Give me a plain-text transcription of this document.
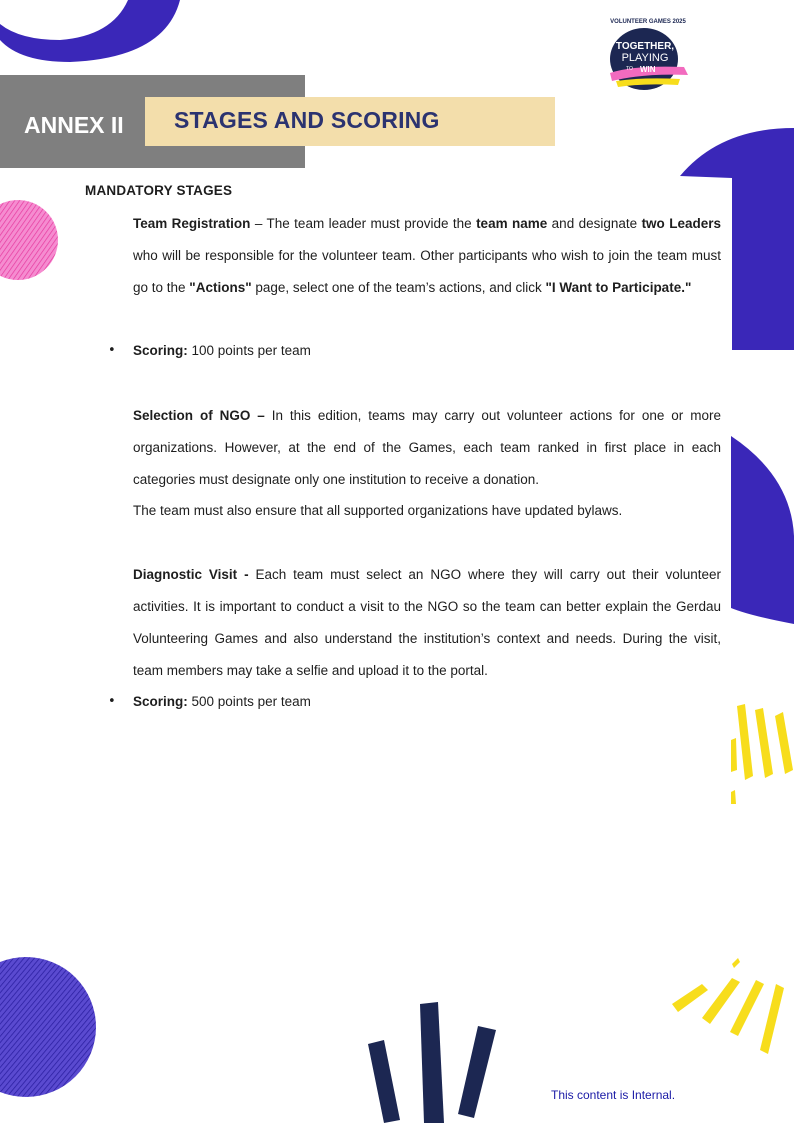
VOLUNTEER GAMES 2025
TOGETHER,
PLAYING
TO WIN
ANNEX II STAGES AND SCORING
MANDATORY STAGES
Team Registration – The team leader must provide the team name and designate two Leaders who will be responsible for the volunteer team. Other participants who wish to join the team must go to the "Actions" page, select one of the team’s actions, and click "I Want to Participate."
• Scoring: 100 points per team
Selection of NGO – In this edition, teams may carry out volunteer actions for one or more organizations. However, at the end of the Games, each team ranked in first place in each categories must designate only one institution to receive a donation.
The team must also ensure that all supported organizations have updated bylaws.
Diagnostic Visit - Each team must select an NGO where they will carry out their volunteer activities. It is important to conduct a visit to the NGO so the team can better explain the Gerdau Volunteering Games and also understand the institution’s context and needs. During the visit, team members may take a selfie and upload it to the portal.
• Scoring: 500 points per team
This content is Internal.
